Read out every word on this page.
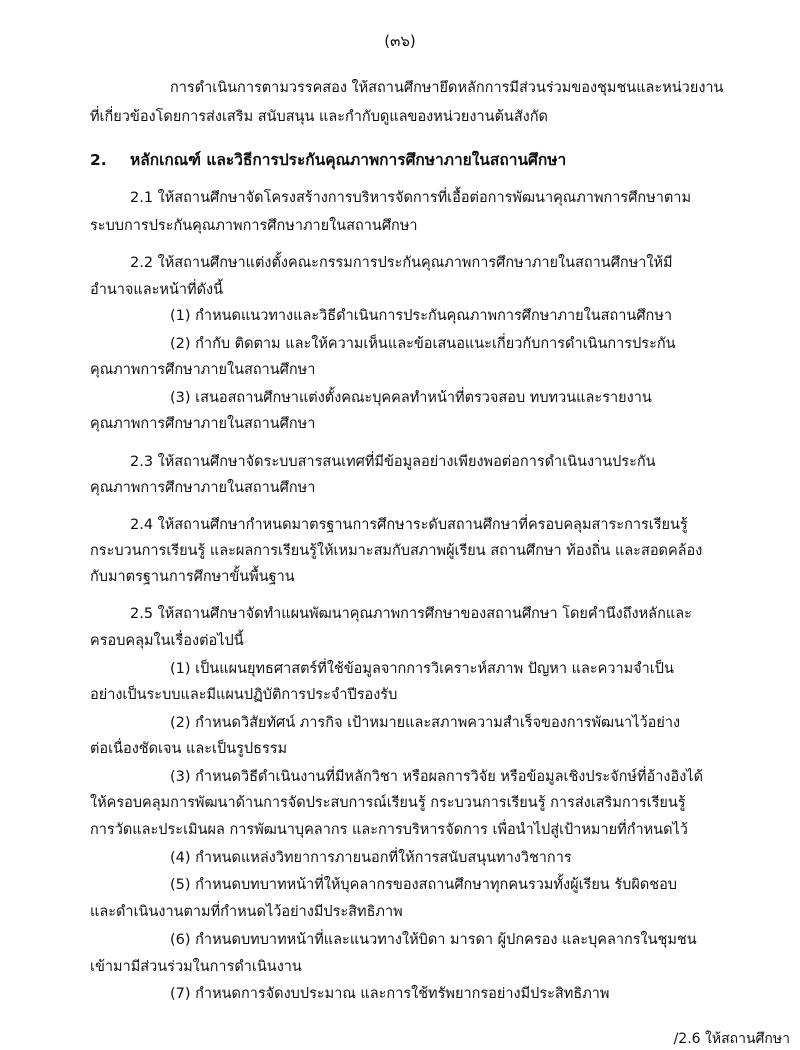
(๓๖)
การดำเนินการตามวรรคสอง ให้สถานศึกษายึดหลักการมีส่วนร่วมของชุมชนและหน่วยงาน
ที่เกี่ยวข้องโดยการส่งเสริม สนับสนุน และกำกับดูแลของหน่วยงานต้นสังกัด
2. หลักเกณฑ์ และวิธีการประกันคุณภาพการศึกษาภายในสถานศึกษา
2.1 ให้สถานศึกษาจัดโครงสร้างการบริหารจัดการที่เอื้อต่อการพัฒนาคุณภาพการศึกษาตาม
ระบบการประกันคุณภาพการศึกษาภายในสถานศึกษา
2.2 ให้สถานศึกษาแต่งตั้งคณะกรรมการประกันคุณภาพการศึกษาภายในสถานศึกษาให้มี
อำนาจและหน้าที่ดังนี้
(1) กำหนดแนวทางและวิธีดำเนินการประกันคุณภาพการศึกษาภายในสถานศึกษา
(2) กำกับ ติดตาม และให้ความเห็นและข้อเสนอแนะเกี่ยวกับการดำเนินการประกัน
คุณภาพการศึกษาภายในสถานศึกษา
(3) เสนอสถานศึกษาแต่งตั้งคณะบุคคลทำหน้าที่ตรวจสอบ ทบทวนและรายงาน
คุณภาพการศึกษาภายในสถานศึกษา
2.3 ให้สถานศึกษาจัดระบบสารสนเทศที่มีข้อมูลอย่างเพียงพอต่อการดำเนินงานประกัน
คุณภาพการศึกษาภายในสถานศึกษา
2.4 ให้สถานศึกษากำหนดมาตรฐานการศึกษาระดับสถานศึกษาที่ครอบคลุมสาระการเรียนรู้
กระบวนการเรียนรู้ และผลการเรียนรู้ให้เหมาะสมกับสภาพผู้เรียน สถานศึกษา ท้องถิ่น และสอดคล้อง
กับมาตรฐานการศึกษาขั้นพื้นฐาน
2.5 ให้สถานศึกษาจัดทำแผนพัฒนาคุณภาพการศึกษาของสถานศึกษา โดยคำนึงถึงหลักและ
ครอบคลุมในเรื่องต่อไปนี้
(1) เป็นแผนยุทธศาสตร์ที่ใช้ข้อมูลจากการวิเคราะห์สภาพ ปัญหา และความจำเป็น
อย่างเป็นระบบและมีแผนปฏิบัติการประจำปีรองรับ
(2) กำหนดวิสัยทัศน์ ภารกิจ เป้าหมายและสภาพความสำเร็จของการพัฒนาไว้อย่าง
ต่อเนื่องชัดเจน และเป็นรูปธรรม
(3) กำหนดวิธีดำเนินงานที่มีหลักวิชา หรือผลการวิจัย หรือข้อมูลเชิงประจักษ์ที่อ้างอิงได้
ให้ครอบคลุมการพัฒนาด้านการจัดประสบการณ์เรียนรู้ กระบวนการเรียนรู้ การส่งเสริมการเรียนรู้
การวัดและประเมินผล การพัฒนาบุคลากร และการบริหารจัดการ เพื่อนำไปสู่เป้าหมายที่กำหนดไว้
(4) กำหนดแหล่งวิทยาการภายนอกที่ให้การสนับสนุนทางวิชาการ
(5) กำหนดบทบาทหน้าที่ให้บุคลากรของสถานศึกษาทุกคนรวมทั้งผู้เรียน รับผิดชอบ
และดำเนินงานตามที่กำหนดไว้อย่างมีประสิทธิภาพ
(6) กำหนดบทบาทหน้าที่และแนวทางให้บิดา มารดา ผู้ปกครอง และบุคลากรในชุมชน
เข้ามามีส่วนร่วมในการดำเนินงาน
(7) กำหนดการจัดงบประมาณ และการใช้ทรัพยากรอย่างมีประสิทธิภาพ
/2.6 ให้สถานศึกษา
